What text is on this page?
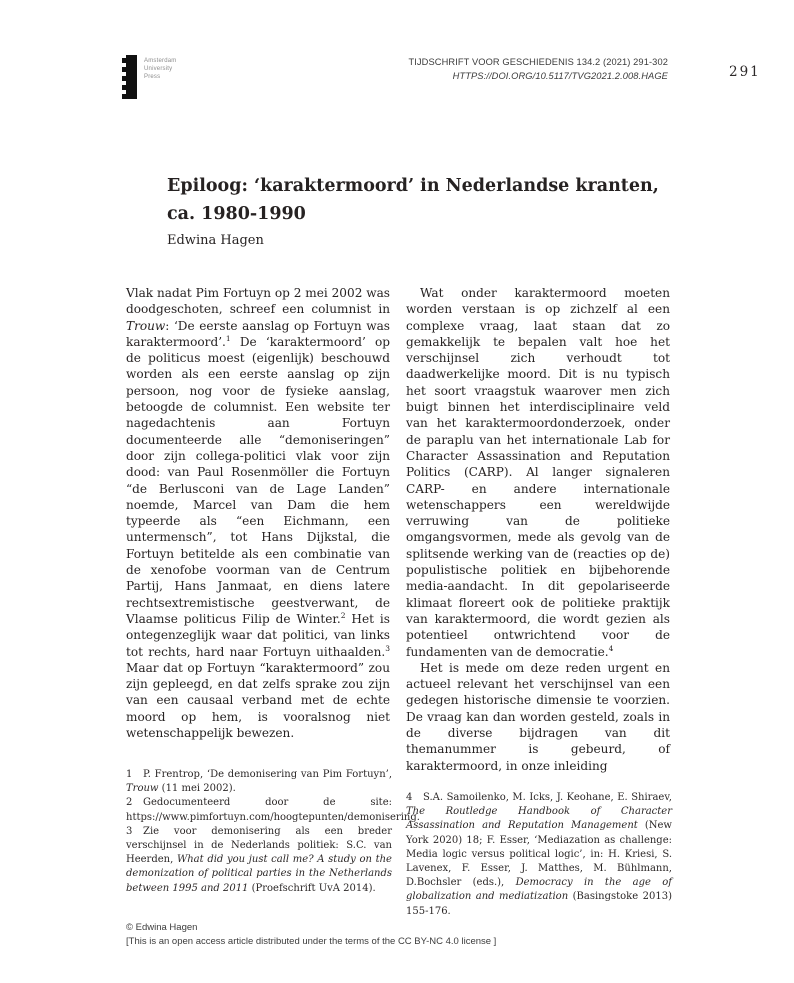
Amsterdam
University
Press
TIJDSCHRIFT VOOR GESCHIEDENIS 134.2 (2021) 291-302
HTTPS://DOI.ORG/10.5117/TVG2021.2.008.HAGE	291
Epiloog: ‘karaktermoord’ in Nederlandse kranten,
ca. 1980-1990
Edwina Hagen

Vlak nadat Pim Fortuyn op 2 mei 2002 was doodgeschoten, schreef een columnist in Trouw: ‘De eerste aanslag op Fortuyn was karaktermoord’.$^1$ De ‘karaktermoord’ op de politicus moest (eigenlijk) beschouwd worden als een eerste aanslag op zijn persoon, nog voor de fysieke aanslag, betoogde de columnist. Een website ter nagedachtenis aan Fortuyn documenteerde alle “demoniseringen” door zijn collega-politici vlak voor zijn dood: van Paul Rosenmöller die Fortuyn “de Berlusconi van de Lage Landen” noemde, Marcel van Dam die hem typeerde als “een Eichmann, een untermensch”, tot Hans Dijkstal, die Fortuyn betitelde als een combinatie van de xenofobe voorman van de Centrum Partij, Hans Janmaat, en diens latere rechtsextremistische geestverwant, de Vlaamse politicus Filip de Winter.$^2$ Het is ontegenzeglijk waar dat politici, van links tot rechts, hard naar Fortuyn uithaalden.$^3$ Maar dat op Fortuyn “karaktermoord” zou zijn gepleegd, en dat zelfs sprake zou zijn van een causaal verband met de echte moord op hem, is vooralsnog niet wetenschappelijk bewezen.

Wat onder karaktermoord moeten worden verstaan is op zichzelf al een complexe vraag, laat staan dat zo gemakkelijk te bepalen valt hoe het verschijnsel zich verhoudt tot daadwerkelijke moord. Dit is nu typisch het soort vraagstuk waarover men zich buigt binnen het interdisciplinaire veld van het karaktermoordonderzoek, onder de paraplu van het internationale Lab for Character Assassination and Reputation Politics (CARP). Al langer signaleren CARP- en andere internationale wetenschappers een wereldwijde verruwing van de politieke omgangsvormen, mede als gevolg van de splitsende werking van de (reacties op de) populistische politiek en bijbehorende media-aandacht. In dit gepolariseerde klimaat floreert ook de politieke praktijk van karaktermoord, die wordt gezien als potentieel ontwrichtend voor de fundamenten van de democratie.$^4$

Het is mede om deze reden urgent en actueel relevant het verschijnsel van een gedegen historische dimensie te voorzien. De vraag kan dan worden gesteld, zoals in de diverse bijdragen van dit themanummer is gebeurd, of karaktermoord, in onze inleiding

1 P. Frentrop, ‘De demonisering van Pim Fortuyn’, Trouw (11 mei 2002).

2 Gedocumenteerd door de site: https://www.pimfortuyn.com/hoogtepunten/demonisering.

3 Zie voor demonisering als een breder verschijnsel in de Nederlands politiek: S.C. van Heerden, What did you just call me? A study on the demonization of political parties in the Netherlands between 1995 and 2011 (Proefschrift UvA 2014).

4 S.A. Samoilenko, M. Icks, J. Keohane, E. Shiraev, The Routledge Handbook of Character Assassination and Reputation Management (New York 2020) 18; F. Esser, ‘Mediazation as challenge: Media logic versus political logic’, in: H. Kriesi, S. Lavenex, F. Esser, J. Matthes, M. Bühlmann, D.Bochsler (eds.), Democracy in the age of globalization and mediatization (Basingstoke 2013) 155-176.

© Edwina Hagen
[This is an open access article distributed under the terms of the CC BY-NC 4.0 license ]
